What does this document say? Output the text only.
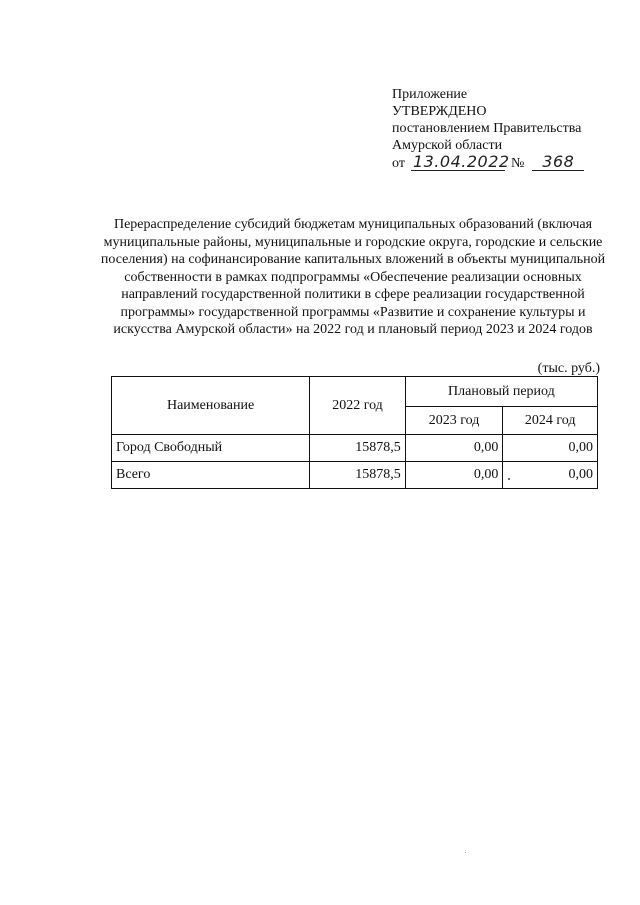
Приложение
УТВЕРЖДЕНО
постановлением Правительства
Амурской области
от 13.04.2022 №	368
Перераспределение субсидий бюджетам муниципальных образований (включая муниципальные районы, муниципальные и городские округа, городские и сельские поселения) на софинансирование капитальных вложений в объекты муниципальной собственности в рамках подпрограммы «Обеспечение реализации основных направлений государственной политики в сфере реализации государственной программы» государственной программы «Развитие и сохранение культуры и искусства Амурской области» на 2022 год и плановый период 2023 и 2024 годов
(тыс. руб.)
Наименование	2022 год	Плановый период	
		2023 год	2024 год
Город Свободный	15878,5	0,00	0,00
Всего	15878,5	0,00	0,00
